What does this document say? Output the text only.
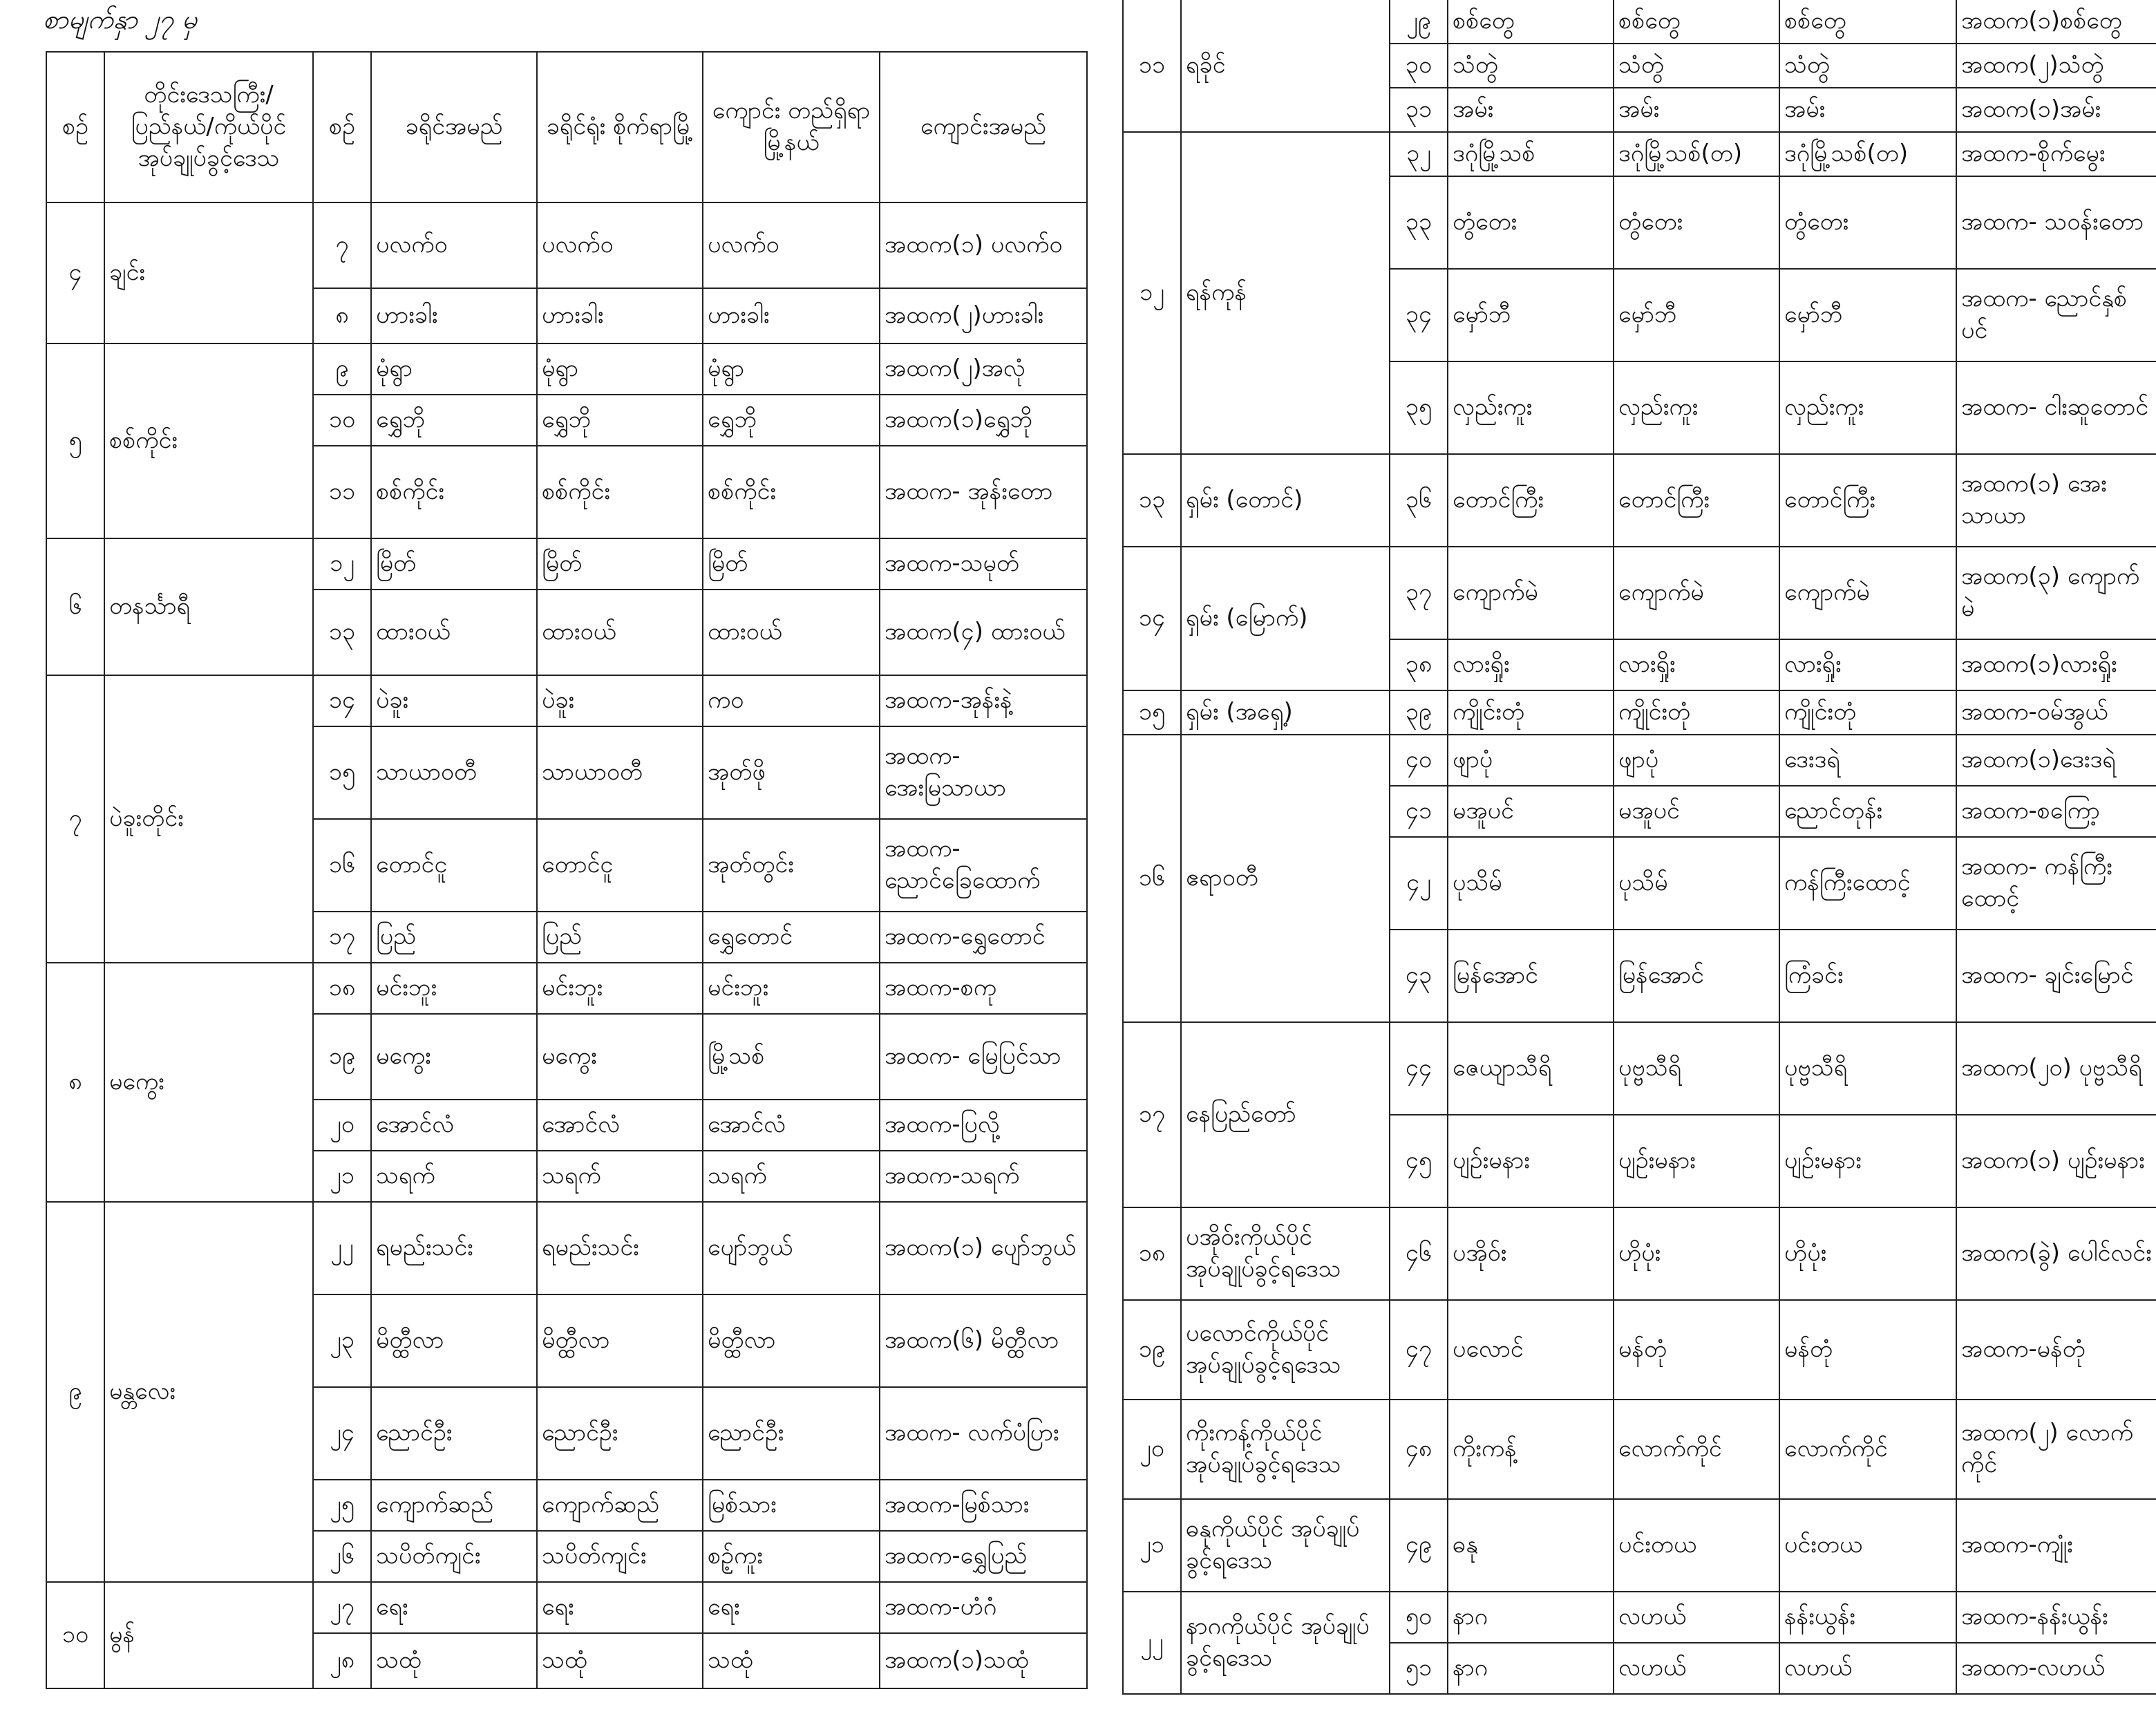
စာမျက်နှာ ၂၇ မှ
စဉ်	တိုင်းဒေသကြီး/ ပြည်နယ်/ကိုယ်ပိုင် အုပ်ချုပ်ခွင့်ဒေသ	စဉ်	ခရိုင်အမည်	ခရိုင်ရုံး စိုက်ရာမြို့	ကျောင်း တည်ရှိရာ မြို့နယ်	ကျောင်းအမည်
၄	ချင်း	၇	ပလက်ဝ	ပလက်ဝ	ပလက်ဝ	အထက(၁) ပလက်ဝ
		၈	ဟားခါး	ဟားခါး	ဟားခါး	အထက(၂)ဟားခါး
၅	စစ်ကိုင်း	၉	မုံရွာ	မုံရွာ	မုံရွာ	အထက(၂)အလုံ
		၁၀	ရွှေဘို	ရွှေဘို	ရွှေဘို	အထက(၁)ရွှေဘို
		၁၁	စစ်ကိုင်း	စစ်ကိုင်း	စစ်ကိုင်း	အထက- အုန်းတော
၆	တနင်္သာရီ	၁၂	မြိတ်	မြိတ်	မြိတ်	အထက-သမုတ်
		၁၃	ထားဝယ်	ထားဝယ်	ထားဝယ်	အထက(၄) ထားဝယ်
၇	ပဲခူးတိုင်း	၁၄	ပဲခူး	ပဲခူး	ကဝ	အထက-အုန်းနဲ့
		၁၅	သာယာဝတီ	သာယာဝတီ	အုတ်ဖို	အထက- အေးမြသာယာ
		၁၆	တောင်ငူ	တောင်ငူ	အုတ်တွင်း	အထက- ညောင်ခြေထောက်
		၁၇	ပြည်	ပြည်	ရွှေတောင်	အထက-ရွှေတောင်
၈	မကွေး	၁၈	မင်းဘူး	မင်းဘူး	မင်းဘူး	အထက-စကု
		၁၉	မကွေး	မကွေး	မြို့သစ်	အထက- မြေပြင်သာ
		၂၀	အောင်လံ	အောင်လံ	အောင်လံ	အထက-ပြလို့
		၂၁	သရက်	သရက်	သရက်	အထက-သရက်
၉	မန္တလေး	၂၂	ရမည်းသင်း	ရမည်းသင်း	ပျော်ဘွယ်	အထက(၁) ပျော်ဘွယ်
		၂၃	မိတ္ထီလာ	မိတ္ထီလာ	မိတ္ထီလာ	အထက(၆) မိတ္ထီလာ
		၂၄	ညောင်ဦး	ညောင်ဦး	ညောင်ဦး	အထက- လက်ပံပြား
		၂၅	ကျောက်ဆည်	ကျောက်ဆည်	မြစ်သား	အထက-မြစ်သား
		၂၆	သပိတ်ကျင်း	သပိတ်ကျင်း	စဥ့်ကူး	အထက-ရွှေပြည်
၁၀	မွန်	၂၇	ရေး	ရေး	ရေး	အထက-ဟံဂံ
		၂၈	သထုံ	သထုံ	သထုံ	အထက(၁)သထုံ
၁၁	ရခိုင်	၂၉	စစ်တွေ	စစ်တွေ	စစ်တွေ	အထက(၁)စစ်တွေ
		၃၀	သံတွဲ	သံတွဲ	သံတွဲ	အထက(၂)သံတွဲ
		၃၁	အမ်း	အမ်း	အမ်း	အထက(၁)အမ်း
၁၂	ရန်ကုန်	၃၂	ဒဂုံမြို့သစ်	ဒဂုံမြို့သစ်(တ)	ဒဂုံမြို့သစ်(တ)	အထက-စိုက်မွေး
		၃၃	တွံတေး	တွံတေး	တွံတေး	အထက- သဝန်းတော
		၃၄	မှော်ဘီ	မှော်ဘီ	မှော်ဘီ	အထက- ညောင်နှစ်ပင်
		၃၅	လှည်းကူး	လှည်းကူး	လှည်းကူး	အထက- ငါးဆူတောင်
၁၃	ရှမ်း (တောင်)	၃၆	တောင်ကြီး	တောင်ကြီး	တောင်ကြီး	အထက(၁) အေးသာယာ
၁၄	ရှမ်း (မြောက်)	၃၇	ကျောက်မဲ	ကျောက်မဲ	ကျောက်မဲ	အထက(၃) ကျောက်မဲ
		၃၈	လားရှိုး	လားရှိုး	လားရှိုး	အထက(၁)လားရှိုး
၁၅	ရှမ်း (အရှေ့)	၃၉	ကျိုင်းတုံ	ကျိုင်းတုံ	ကျိုင်းတုံ	အထက-ဝမ်အွယ်
၁၆	ဧရာဝတီ	၄၀	ဖျာပုံ	ဖျာပုံ	ဒေးဒရဲ	အထက(၁)ဒေးဒရဲ
		၄၁	မအူပင်	မအူပင်	ညောင်တုန်း	အထက-စကြော့
		၄၂	ပုသိမ်	ပုသိမ်	ကန်ကြီးထောင့်	အထက- ကန်ကြီးထောင့်
		၄၃	မြန်အောင်	မြန်အောင်	ကြံခင်း	အထက- ချင်းမြောင်
၁၇	နေပြည်တော်	၄၄	ဇေယျာသီရိ	ပုဗ္ဗသီရိ	ပုဗ္ဗသီရိ	အထက(၂၀) ပုဗ္ဗသီရိ
		၄၅	ပျဉ်းမနား	ပျဉ်းမနား	ပျဉ်းမနား	အထက(၁) ပျဉ်းမနား
၁၈	ပအိုဝ်းကိုယ်ပိုင် အုပ်ချုပ်ခွင့်ရဒေသ	၄၆	ပအိုဝ်း	ဟိုပုံး	ဟိုပုံး	အထက(ခွဲ) ပေါင်လင်း
၁၉	ပလောင်ကိုယ်ပိုင် အုပ်ချုပ်ခွင့်ရဒေသ	၄၇	ပလောင်	မန်တုံ	မန်တုံ	အထက-မန်တုံ
၂၀	ကိုးကန့်ကိုယ်ပိုင် အုပ်ချုပ်ခွင့်ရဒေသ	၄၈	ကိုးကန့်	လောက်ကိုင်	လောက်ကိုင်	အထက(၂) လောက်ကိုင်
၂၁	ဓနုကိုယ်ပိုင် အုပ်ချုပ်ခွင့်ရဒေသ	၄၉	ဓနု	ပင်းတယ	ပင်းတယ	အထက-ကျုံး
၂၂	နာဂကိုယ်ပိုင် အုပ်ချုပ်ခွင့်ရဒေသ	၅၀	နာဂ	လဟယ်	နန်းယွန်း	အထက-နန်းယွန်း
		၅၁	နာဂ	လဟယ်	လဟယ်	အထက-လဟယ်
